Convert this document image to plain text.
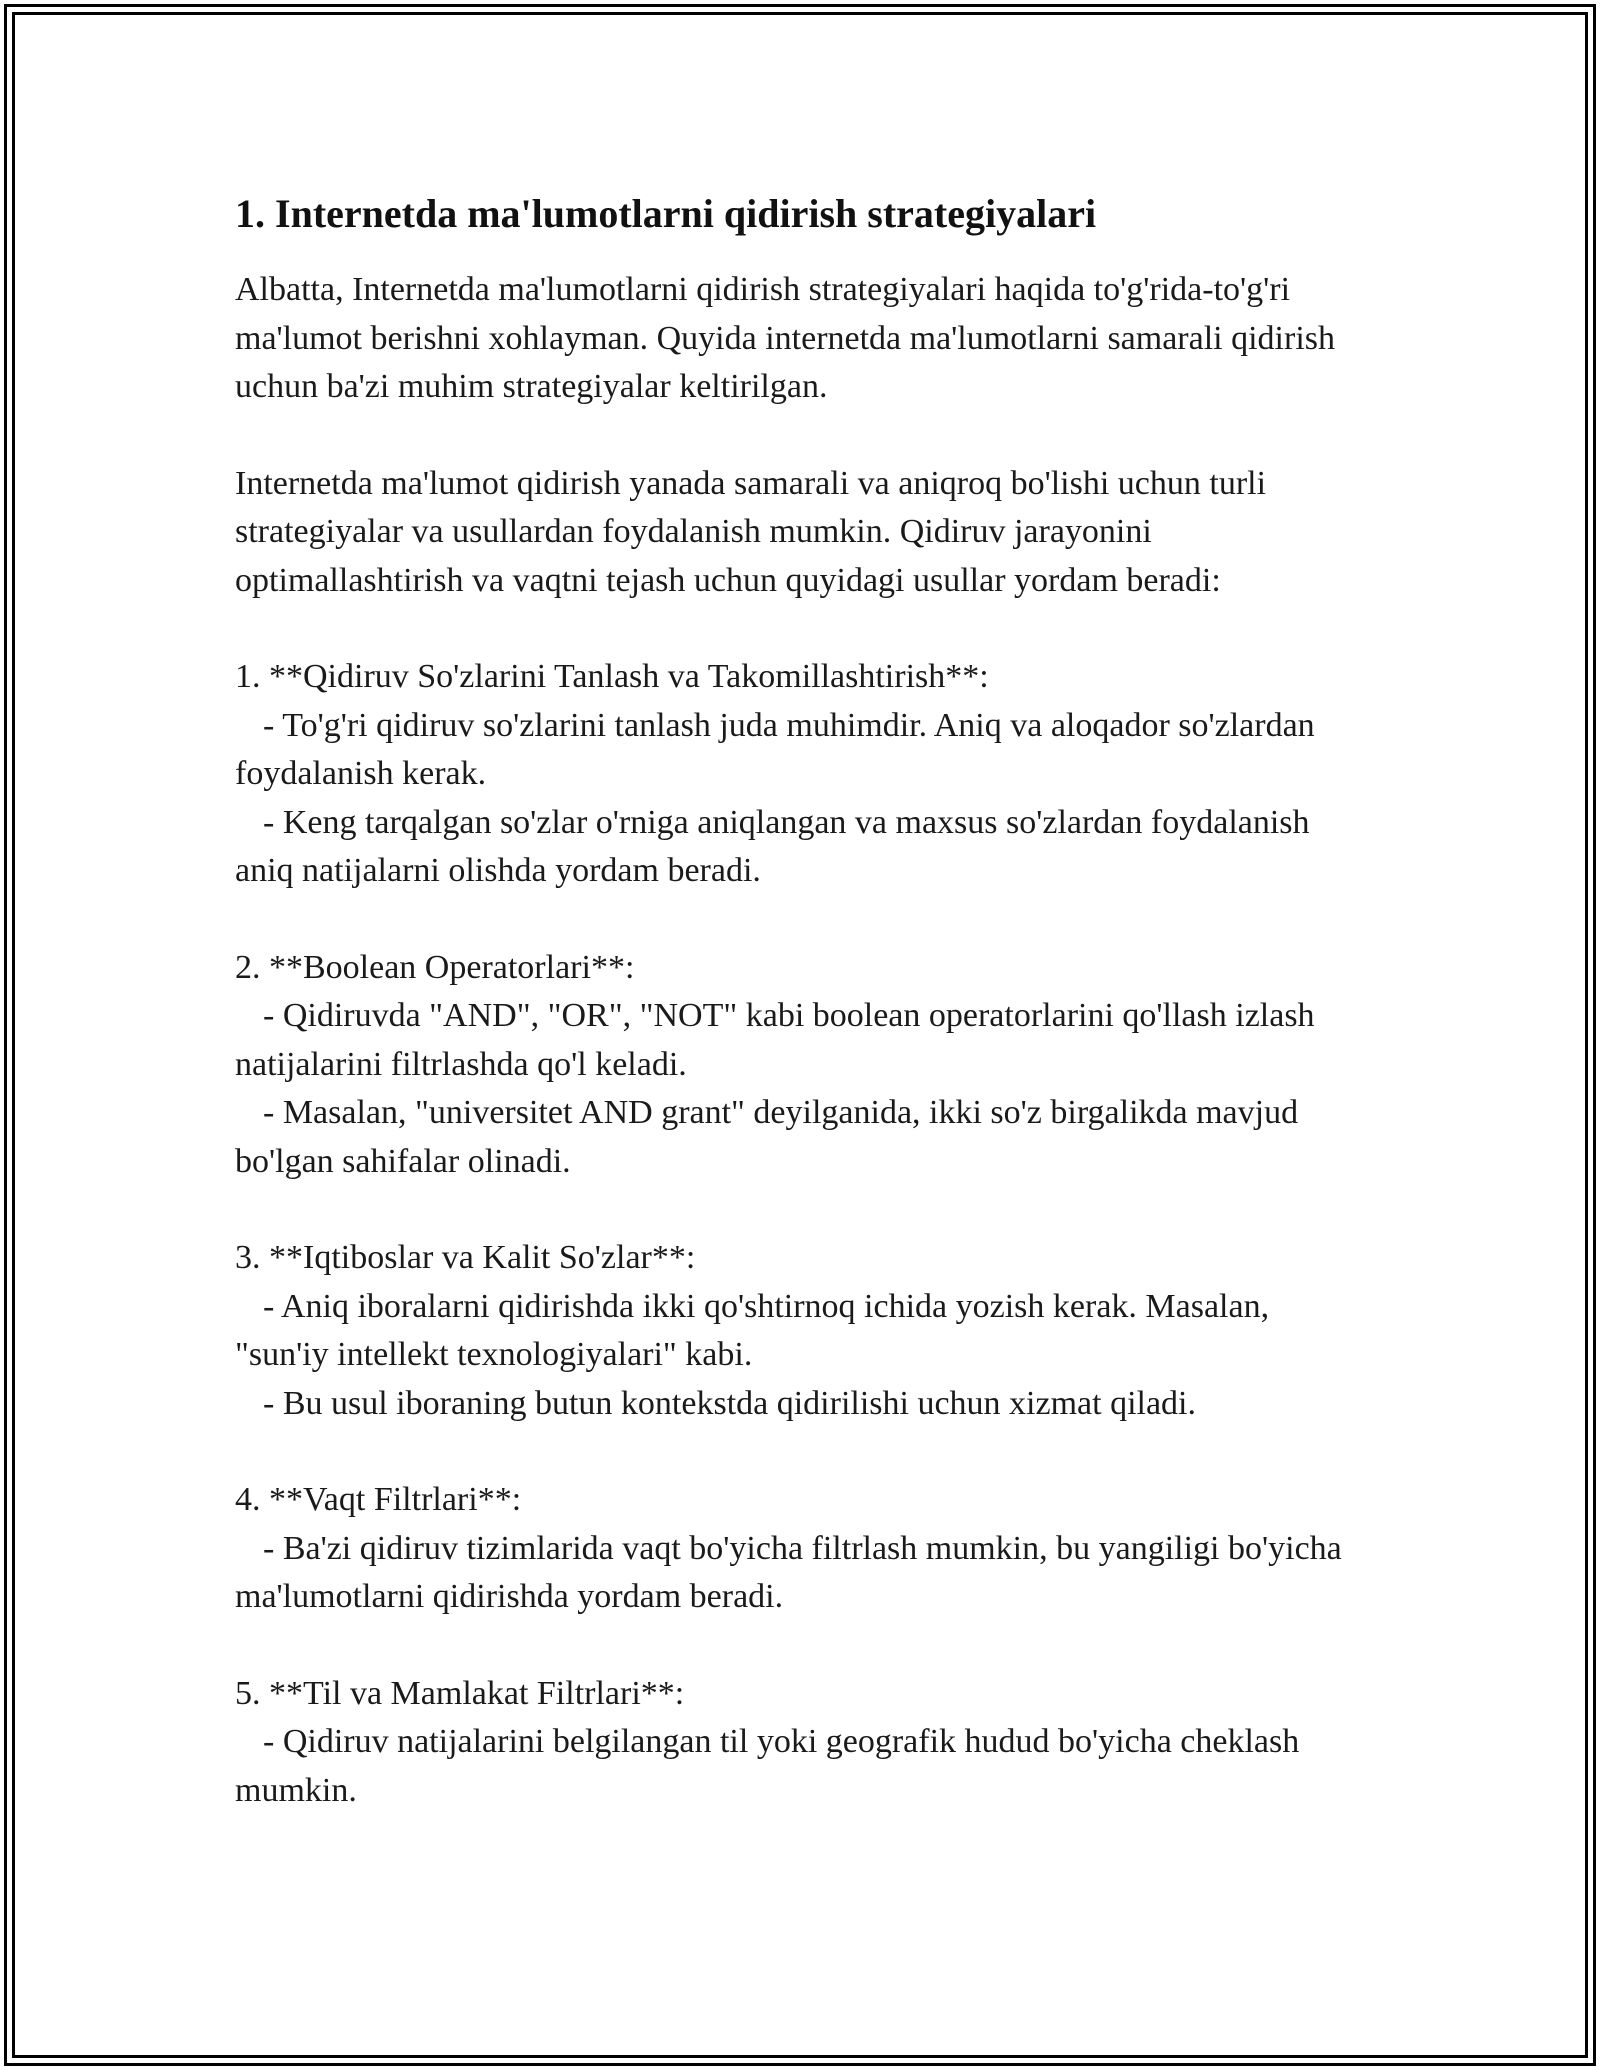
1. Internetda ma'lumotlarni qidirish strategiyalari

Albatta, Internetda ma'lumotlarni qidirish strategiyalari haqida to'g'rida-to'g'ri ma'lumot berishni xohlayman. Quyida internetda ma'lumotlarni samarali qidirish uchun ba'zi muhim strategiyalar keltirilgan.

Internetda ma'lumot qidirish yanada samarali va aniqroq bo'lishi uchun turli strategiyalar va usullardan foydalanish mumkin. Qidiruv jarayonini optimallashtirish va vaqtni tejash uchun quyidagi usullar yordam beradi:

1. **Qidiruv So'zlarini Tanlash va Takomillashtirish**:
- To'g'ri qidiruv so'zlarini tanlash juda muhimdir. Aniq va aloqador so'zlardan foydalanish kerak.
- Keng tarqalgan so'zlar o'rniga aniqlangan va maxsus so'zlardan foydalanish aniq natijalarni olishda yordam beradi.
2. **Boolean Operatorlari**:
- Qidiruvda "AND", "OR", "NOT" kabi boolean operatorlarini qo'llash izlash natijalarini filtrlashda qo'l keladi.
- Masalan, "universitet AND grant" deyilganida, ikki so'z birgalikda mavjud bo'lgan sahifalar olinadi.
3. **Iqtiboslar va Kalit So'zlar**:
- Aniq iboralarni qidirishda ikki qo'shtirnoq ichida yozish kerak. Masalan, "sun'iy intellekt texnologiyalari" kabi.
- Bu usul iboraning butun kontekstda qidirilishi uchun xizmat qiladi.
4. **Vaqt Filtrlari**:
- Ba'zi qidiruv tizimlarida vaqt bo'yicha filtrlash mumkin, bu yangiligi bo'yicha ma'lumotlarni qidirishda yordam beradi.
5. **Til va Mamlakat Filtrlari**:
- Qidiruv natijalarini belgilangan til yoki geografik hudud bo'yicha cheklash mumkin.
